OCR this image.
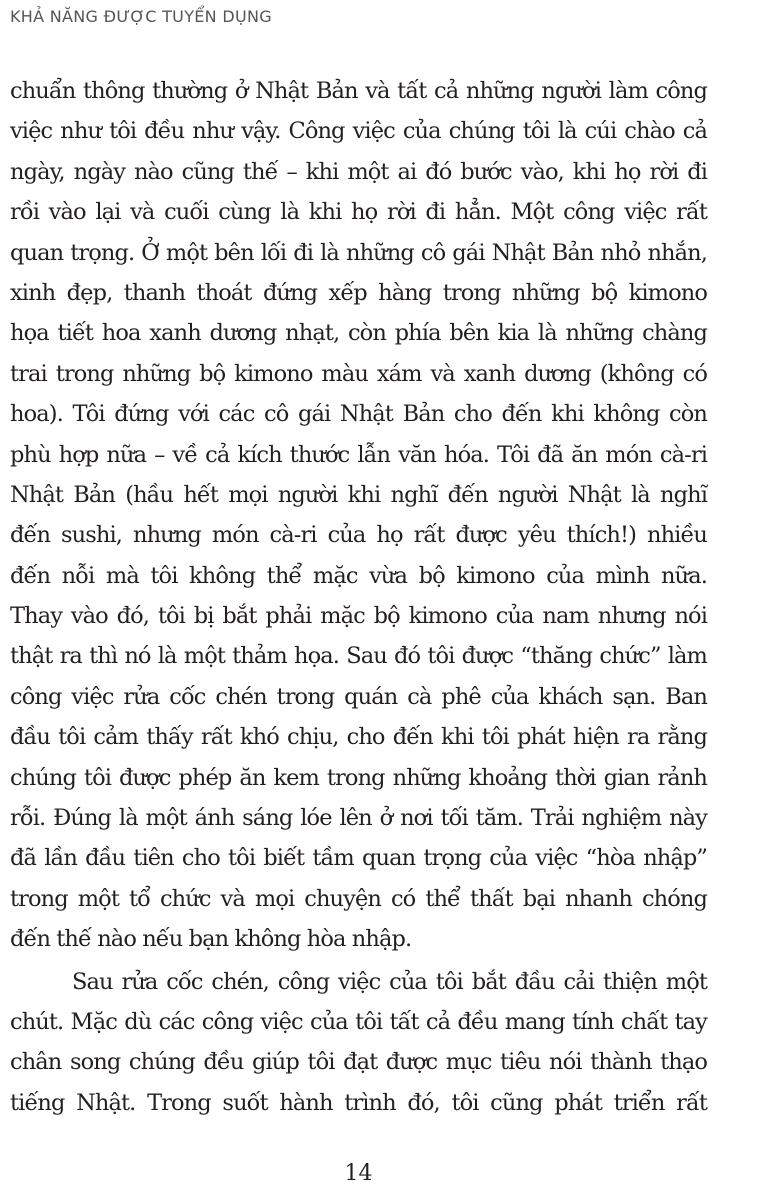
KHẢ NĂNG ĐƯỢC TUYỂN DỤNG
chuẩn thông thường ở Nhật Bản và tất cả những người làm công
việc như tôi đều như vậy. Công việc của chúng tôi là cúi chào cả
ngày, ngày nào cũng thế – khi một ai đó bước vào, khi họ rời đi
rồi vào lại và cuối cùng là khi họ rời đi hẳn. Một công việc rất
quan trọng. Ở một bên lối đi là những cô gái Nhật Bản nhỏ nhắn,
xinh đẹp, thanh thoát đứng xếp hàng trong những bộ kimono
họa tiết hoa xanh dương nhạt, còn phía bên kia là những chàng
trai trong những bộ kimono màu xám và xanh dương (không có
hoa). Tôi đứng với các cô gái Nhật Bản cho đến khi không còn
phù hợp nữa – về cả kích thước lẫn văn hóa. Tôi đã ăn món cà-ri
Nhật Bản (hầu hết mọi người khi nghĩ đến người Nhật là nghĩ
đến sushi, nhưng món cà-ri của họ rất được yêu thích!) nhiều
đến nỗi mà tôi không thể mặc vừa bộ kimono của mình nữa.
Thay vào đó, tôi bị bắt phải mặc bộ kimono của nam nhưng nói
thật ra thì nó là một thảm họa. Sau đó tôi được “thăng chức” làm
công việc rửa cốc chén trong quán cà phê của khách sạn. Ban
đầu tôi cảm thấy rất khó chịu, cho đến khi tôi phát hiện ra rằng
chúng tôi được phép ăn kem trong những khoảng thời gian rảnh
rỗi. Đúng là một ánh sáng lóe lên ở nơi tối tăm. Trải nghiệm này
đã lần đầu tiên cho tôi biết tầm quan trọng của việc “hòa nhập”
trong một tổ chức và mọi chuyện có thể thất bại nhanh chóng
đến thế nào nếu bạn không hòa nhập.
Sau rửa cốc chén, công việc của tôi bắt đầu cải thiện một
chút. Mặc dù các công việc của tôi tất cả đều mang tính chất tay
chân song chúng đều giúp tôi đạt được mục tiêu nói thành thạo
tiếng Nhật. Trong suốt hành trình đó, tôi cũng phát triển rất
14
